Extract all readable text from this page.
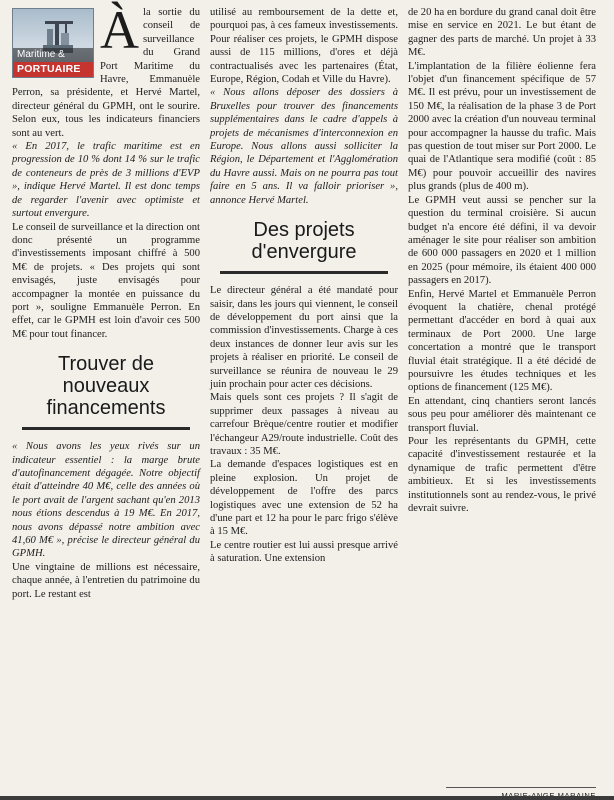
Maritime &
PORTUAIRE
À la sortie du conseil de surveillance du Grand Port Maritime du Havre, Emmanuèle Perron, sa présidente, et Hervé Martel, directeur général du GPMH, ont le sourire. Selon eux, tous les indicateurs financiers sont au vert.

« En 2017, le trafic maritime est en progression de 10 % dont 14 % sur le trafic de conteneurs de près de 3 millions d'EVP », indique Hervé Martel. Il est donc temps de regarder l'avenir avec optimiste et surtout envergure.

Le conseil de surveillance et la direction ont donc présenté un programme d'investissements imposant chiffré à 500 M€ de projets. « Des projets qui sont envisagés, juste envisagés pour accompagner la montée en puissance du port », souligne Emmanuèle Perron. En effet, car le GPMH est loin d'avoir ces 500 M€ pour tout financer.

Trouver de nouveaux financements

« Nous avons les yeux rivés sur un indicateur essentiel : la marge brute d'autofinancement dégagée. Notre objectif était d'atteindre 40 M€, celle des années où le port avait de l'argent sachant qu'en 2013 nous étions descendus à 19 M€. En 2017, nous avons dépassé notre ambition avec 41,60 M€ », précise le directeur général du GPMH.

Une vingtaine de millions est nécessaire, chaque année, à l'entretien du patrimoine du port. Le restant est

utilisé au remboursement de la dette et, pourquoi pas, à ces fameux investissements. Pour réaliser ces projets, le GPMH dispose aussi de 115 millions, d'ores et déjà contractualisés avec les partenaires (État, Europe, Région, Codah et Ville du Havre).

« Nous allons déposer des dossiers à Bruxelles pour trouver des financements supplémentaires dans le cadre d'appels à projets de mécanismes d'interconnexion en Europe. Nous allons aussi solliciter la Région, le Département et l'Agglomération du Havre aussi. Mais on ne pourra pas tout faire en 5 ans. Il va falloir prioriser », annonce Hervé Martel.

Des projets d'envergure

Le directeur général a été mandaté pour saisir, dans les jours qui viennent, le conseil de développement du port ainsi que la commission d'investissements. Charge à ces deux instances de donner leur avis sur les projets à réaliser en priorité. Le conseil de surveillance se réunira de nouveau le 29 juin prochain pour acter ces décisions.

Mais quels sont ces projets ? Il s'agit de supprimer deux passages à niveau au carrefour Brèque/centre routier et modifier l'échangeur A29/route industrielle. Coût des travaux : 35 M€.

La demande d'espaces logistiques est en pleine explosion. Un projet de développement de l'offre des parcs logistiques avec une extension de 52 ha d'une part et 12 ha pour le parc frigo s'élève à 15 M€.

Le centre routier est lui aussi presque arrivé à saturation. Une extension

de 20 ha en bordure du grand canal doit être mise en service en 2021. Le but étant de gagner des parts de marché. Un projet à 33 M€.

L'implantation de la filière éolienne fera l'objet d'un financement spécifique de 57 M€. Il est prévu, pour un investissement de 150 M€, la réalisation de la phase 3 de Port 2000 avec la création d'un nouveau terminal pour accompagner la hausse du trafic. Mais pas question de tout miser sur Port 2000. Le quai de l'Atlantique sera modifié (coût : 85 M€) pour pouvoir accueillir des navires plus grands (plus de 400 m).

Le GPMH veut aussi se pencher sur la question du terminal croisière. Si aucun budget n'a encore été défini, il va devoir aménager le site pour réaliser son ambition de 600 000 passagers en 2020 et 1 million en 2025 (pour mémoire, ils étaient 400 000 passagers en 2017).

Enfin, Hervé Martel et Emmanuèle Perron évoquent la chatière, chenal protégé permettant d'accéder en bord à quai aux terminaux de Port 2000. Une large concertation a montré que le transport fluvial était stratégique. Il a été décidé de poursuivre les études techniques et les options de financement (125 M€).

En attendant, cinq chantiers seront lancés sous peu pour améliorer dès maintenant ce transport fluvial.

Pour les représentants du GPMH, cette capacité d'investissement restaurée et la dynamique de trafic permettent d'être ambitieux. Et si les investissements institutionnels sont au rendez-vous, le privé devrait suivre.
